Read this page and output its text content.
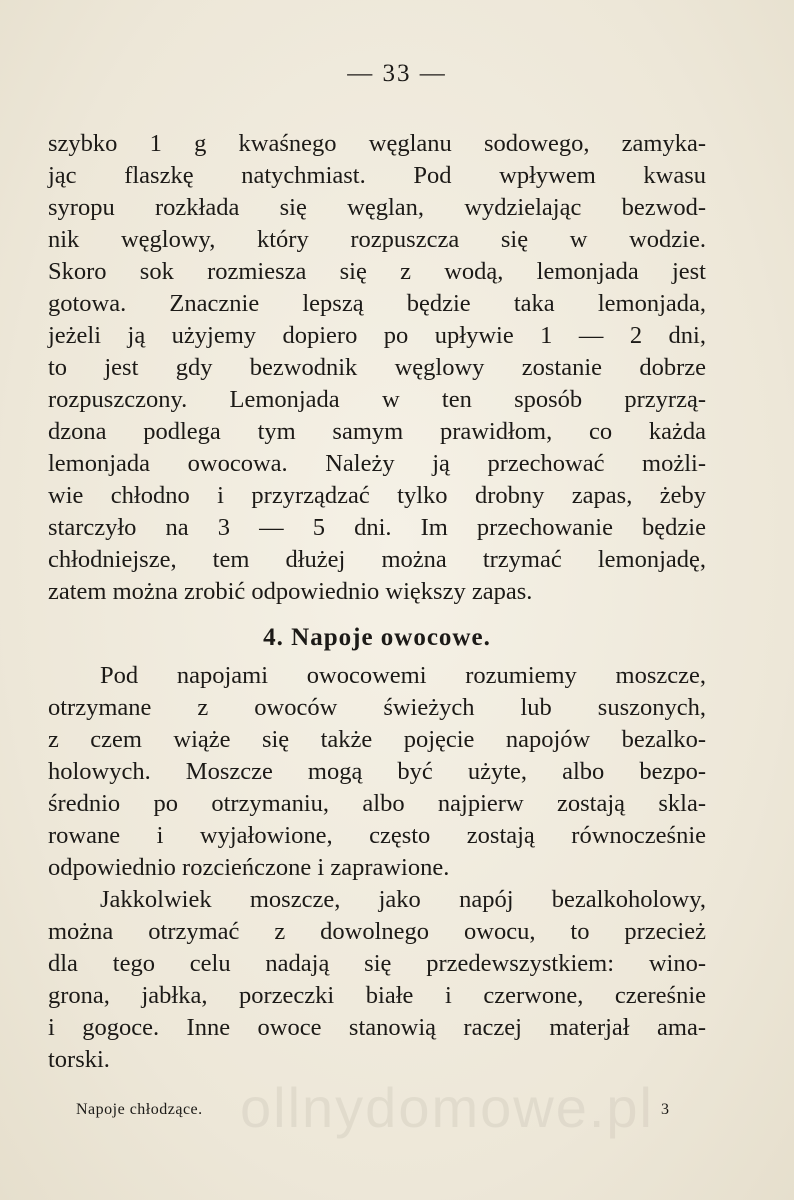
— 33 —
szybko 1 g kwaśnego węglanu sodowego, zamyka-
jąc flaszkę natychmiast. Pod wpływem kwasu
syropu rozkłada się węglan, wydzielając bezwod-
nik węglowy, który rozpuszcza się w wodzie.
Skoro sok rozmiesza się z wodą, lemonjada jest
gotowa. Znacznie lepszą będzie taka lemonjada,
jeżeli ją użyjemy dopiero po upływie 1 — 2 dni,
to jest gdy bezwodnik węglowy zostanie dobrze
rozpuszczony. Lemonjada w ten sposób przyrzą-
dzona podlega tym samym prawidłom, co każda
lemonjada owocowa. Należy ją przechować możli-
wie chłodno i przyrządzać tylko drobny zapas, żeby
starczyło na 3 — 5 dni. Im przechowanie będzie
chłodniejsze, tem dłużej można trzymać lemonjadę,
zatem można zrobić odpowiednio większy zapas.
4. Napoje owocowe.
Pod napojami owocowemi rozumiemy moszcze,
otrzymane z owoców świeżych lub suszonych,
z czem wiąże się także pojęcie napojów bezalko-
holowych. Moszcze mogą być użyte, albo bezpo-
średnio po otrzymaniu, albo najpierw zostają skla-
rowane i wyjałowione, często zostają równocześnie
odpowiednio rozcieńczone i zaprawione.
Jakkolwiek moszcze, jako napój bezalkoholowy,
można otrzymać z dowolnego owocu, to przecież
dla tego celu nadają się przedewszystkiem: wino-
grona, jabłka, porzeczki białe i czerwone, czereśnie
i gogoce. Inne owoce stanowią raczej materjał ama-
torski.
ollnydomowe.pl
Napoje chłodzące.	3
